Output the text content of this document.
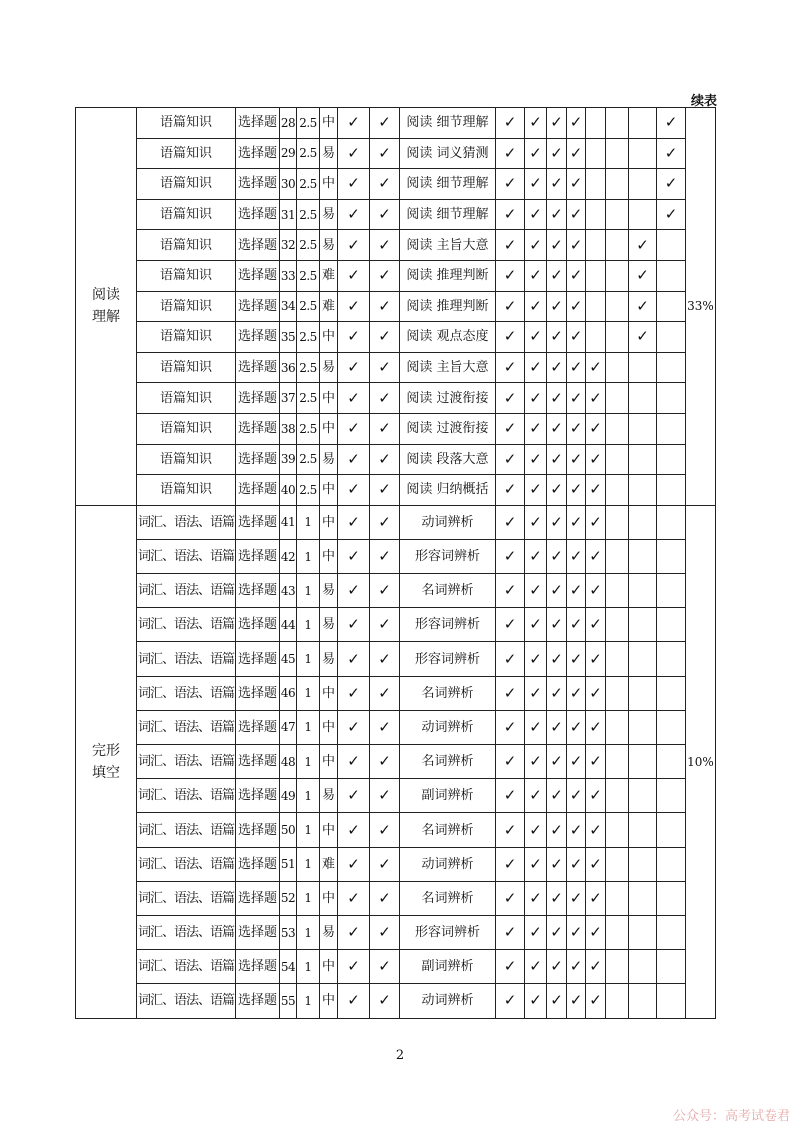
续表
阅读
理解	语篇知识	选择题	28	2.5	中	✓	✓	阅读 细节理解	✓	✓	✓	✓				✓	33%
	语篇知识	选择题	29	2.5	易	✓	✓	阅读 词义猜测	✓	✓	✓	✓				✓	
	语篇知识	选择题	30	2.5	中	✓	✓	阅读 细节理解	✓	✓	✓	✓				✓	
	语篇知识	选择题	31	2.5	易	✓	✓	阅读 细节理解	✓	✓	✓	✓				✓	
	语篇知识	选择题	32	2.5	易	✓	✓	阅读 主旨大意	✓	✓	✓	✓			✓		
	语篇知识	选择题	33	2.5	难	✓	✓	阅读 推理判断	✓	✓	✓	✓			✓		
	语篇知识	选择题	34	2.5	难	✓	✓	阅读 推理判断	✓	✓	✓	✓			✓		
	语篇知识	选择题	35	2.5	中	✓	✓	阅读 观点态度	✓	✓	✓	✓			✓		
	语篇知识	选择题	36	2.5	易	✓	✓	阅读 主旨大意	✓	✓	✓	✓	✓				
	语篇知识	选择题	37	2.5	中	✓	✓	阅读 过渡衔接	✓	✓	✓	✓	✓				
	语篇知识	选择题	38	2.5	中	✓	✓	阅读 过渡衔接	✓	✓	✓	✓	✓				
	语篇知识	选择题	39	2.5	易	✓	✓	阅读 段落大意	✓	✓	✓	✓	✓				
	语篇知识	选择题	40	2.5	中	✓	✓	阅读 归纳概括	✓	✓	✓	✓	✓				
完形
填空	词汇、语法、语篇	选择题	41	1	中	✓	✓	动词辨析	✓	✓	✓	✓	✓				10%
	词汇、语法、语篇	选择题	42	1	中	✓	✓	形容词辨析	✓	✓	✓	✓	✓				
	词汇、语法、语篇	选择题	43	1	易	✓	✓	名词辨析	✓	✓	✓	✓	✓				
	词汇、语法、语篇	选择题	44	1	易	✓	✓	形容词辨析	✓	✓	✓	✓	✓				
	词汇、语法、语篇	选择题	45	1	易	✓	✓	形容词辨析	✓	✓	✓	✓	✓				
	词汇、语法、语篇	选择题	46	1	中	✓	✓	名词辨析	✓	✓	✓	✓	✓				
	词汇、语法、语篇	选择题	47	1	中	✓	✓	动词辨析	✓	✓	✓	✓	✓				
	词汇、语法、语篇	选择题	48	1	中	✓	✓	名词辨析	✓	✓	✓	✓	✓				
	词汇、语法、语篇	选择题	49	1	易	✓	✓	副词辨析	✓	✓	✓	✓	✓				
	词汇、语法、语篇	选择题	50	1	中	✓	✓	名词辨析	✓	✓	✓	✓	✓				
	词汇、语法、语篇	选择题	51	1	难	✓	✓	动词辨析	✓	✓	✓	✓	✓				
	词汇、语法、语篇	选择题	52	1	中	✓	✓	名词辨析	✓	✓	✓	✓	✓				
	词汇、语法、语篇	选择题	53	1	易	✓	✓	形容词辨析	✓	✓	✓	✓	✓				
	词汇、语法、语篇	选择题	54	1	中	✓	✓	副词辨析	✓	✓	✓	✓	✓				
	词汇、语法、语篇	选择题	55	1	中	✓	✓	动词辨析	✓	✓	✓	✓	✓				
2
公众号：高考试卷君
